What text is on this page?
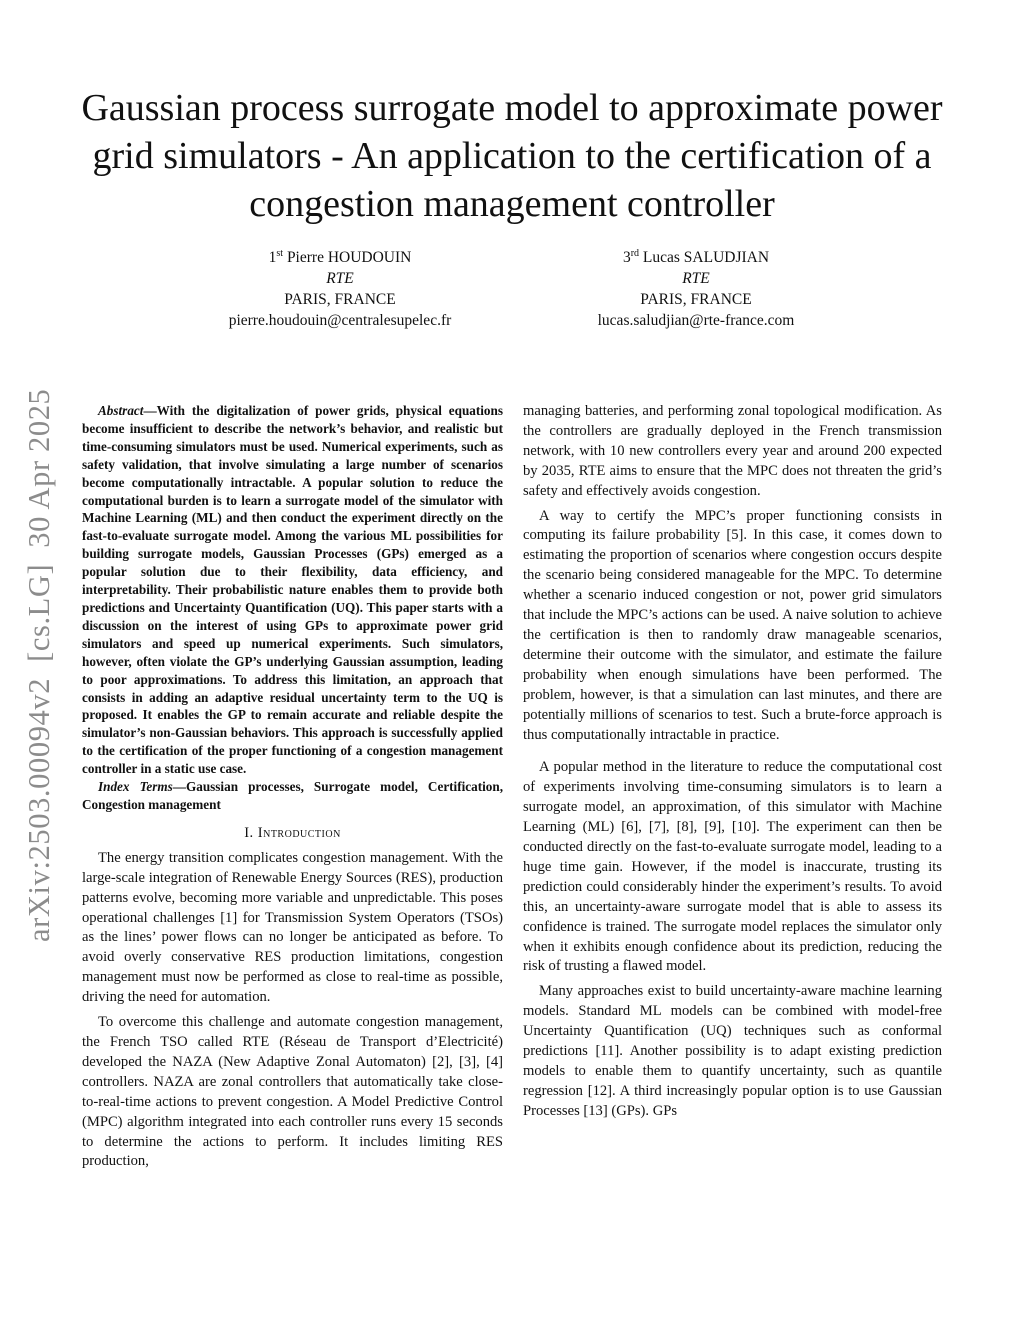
arXiv:2503.00094v2[cs.LG]30 Apr 2025
Gaussian process surrogate model to approximate power grid simulators - An application to the certification of a congestion management controller
1st Pierre HOUDOUIN
RTE
PARIS, FRANCE
pierre.houdouin@centralesupelec.fr
3rd Lucas SALUDJIAN
RTE
PARIS, FRANCE
lucas.saludjian@rte-france.com

Abstract—With the digitalization of power grids, physical equations become insufficient to describe the network’s behavior, and realistic but time-consuming simulators must be used. Numerical experiments, such as safety validation, that involve simulating a large number of scenarios become computationally intractable. A popular solution to reduce the computational burden is to learn a surrogate model of the simulator with Machine Learning (ML) and then conduct the experiment directly on the fast-to-evaluate surrogate model. Among the various ML possibilities for building surrogate models, Gaussian Processes (GPs) emerged as a popular solution due to their flexibility, data efficiency, and interpretability. Their probabilistic nature enables them to provide both predictions and Uncertainty Quantification (UQ). This paper starts with a discussion on the interest of using GPs to approximate power grid simulators and speed up numerical experiments. Such simulators, however, often violate the GP’s underlying Gaussian assumption, leading to poor approximations. To address this limitation, an approach that consists in adding an adaptive residual uncertainty term to the UQ is proposed. It enables the GP to remain accurate and reliable despite the simulator’s non-Gaussian behaviors. This approach is successfully applied to the certification of the proper functioning of a congestion management controller in a static use case.

Index Terms—Gaussian processes, Surrogate model, Certification, Congestion management

I. Introduction

The energy transition complicates congestion management. With the large-scale integration of Renewable Energy Sources (RES), production patterns evolve, becoming more variable and unpredictable. This poses operational challenges [1] for Transmission System Operators (TSOs) as the lines’ power flows can no longer be anticipated as before. To avoid overly conservative RES production limitations, congestion management must now be performed as close to real-time as possible, driving the need for automation.

To overcome this challenge and automate congestion management, the French TSO called RTE (Réseau de Transport d’Electricité) developed the NAZA (New Adaptive Zonal Automaton) [2], [3], [4] controllers. NAZA are zonal controllers that automatically take close-to-real-time actions to prevent congestion. A Model Predictive Control (MPC) algorithm integrated into each controller runs every 15 seconds to determine the actions to perform. It includes limiting RES production,

managing batteries, and performing zonal topological modification. As the controllers are gradually deployed in the French transmission network, with 10 new controllers every year and around 200 expected by 2035, RTE aims to ensure that the MPC does not threaten the grid’s safety and effectively avoids congestion.

A way to certify the MPC’s proper functioning consists in computing its failure probability [5]. In this case, it comes down to estimating the proportion of scenarios where congestion occurs despite the scenario being considered manageable for the MPC. To determine whether a scenario induced congestion or not, power grid simulators that include the MPC’s actions can be used. A naive solution to achieve the certification is then to randomly draw manageable scenarios, determine their outcome with the simulator, and estimate the failure probability when enough simulations have been performed. The problem, however, is that a simulation can last minutes, and there are potentially millions of scenarios to test. Such a brute-force approach is thus computationally intractable in practice.

A popular method in the literature to reduce the computational cost of experiments involving time-consuming simulators is to learn a surrogate model, an approximation, of this simulator with Machine Learning (ML) [6], [7], [8], [9], [10]. The experiment can then be conducted directly on the fast-to-evaluate surrogate model, leading to a huge time gain. However, if the model is inaccurate, trusting its prediction could considerably hinder the experiment’s results. To avoid this, an uncertainty-aware surrogate model that is able to assess its confidence is trained. The surrogate model replaces the simulator only when it exhibits enough confidence about its prediction, reducing the risk of trusting a flawed model.

Many approaches exist to build uncertainty-aware machine learning models. Standard ML models can be combined with model-free Uncertainty Quantification (UQ) techniques such as conformal predictions [11]. Another possibility is to adapt existing prediction models to enable them to quantify uncertainty, such as quantile regression [12]. A third increasingly popular option is to use Gaussian Processes [13] (GPs). GPs
